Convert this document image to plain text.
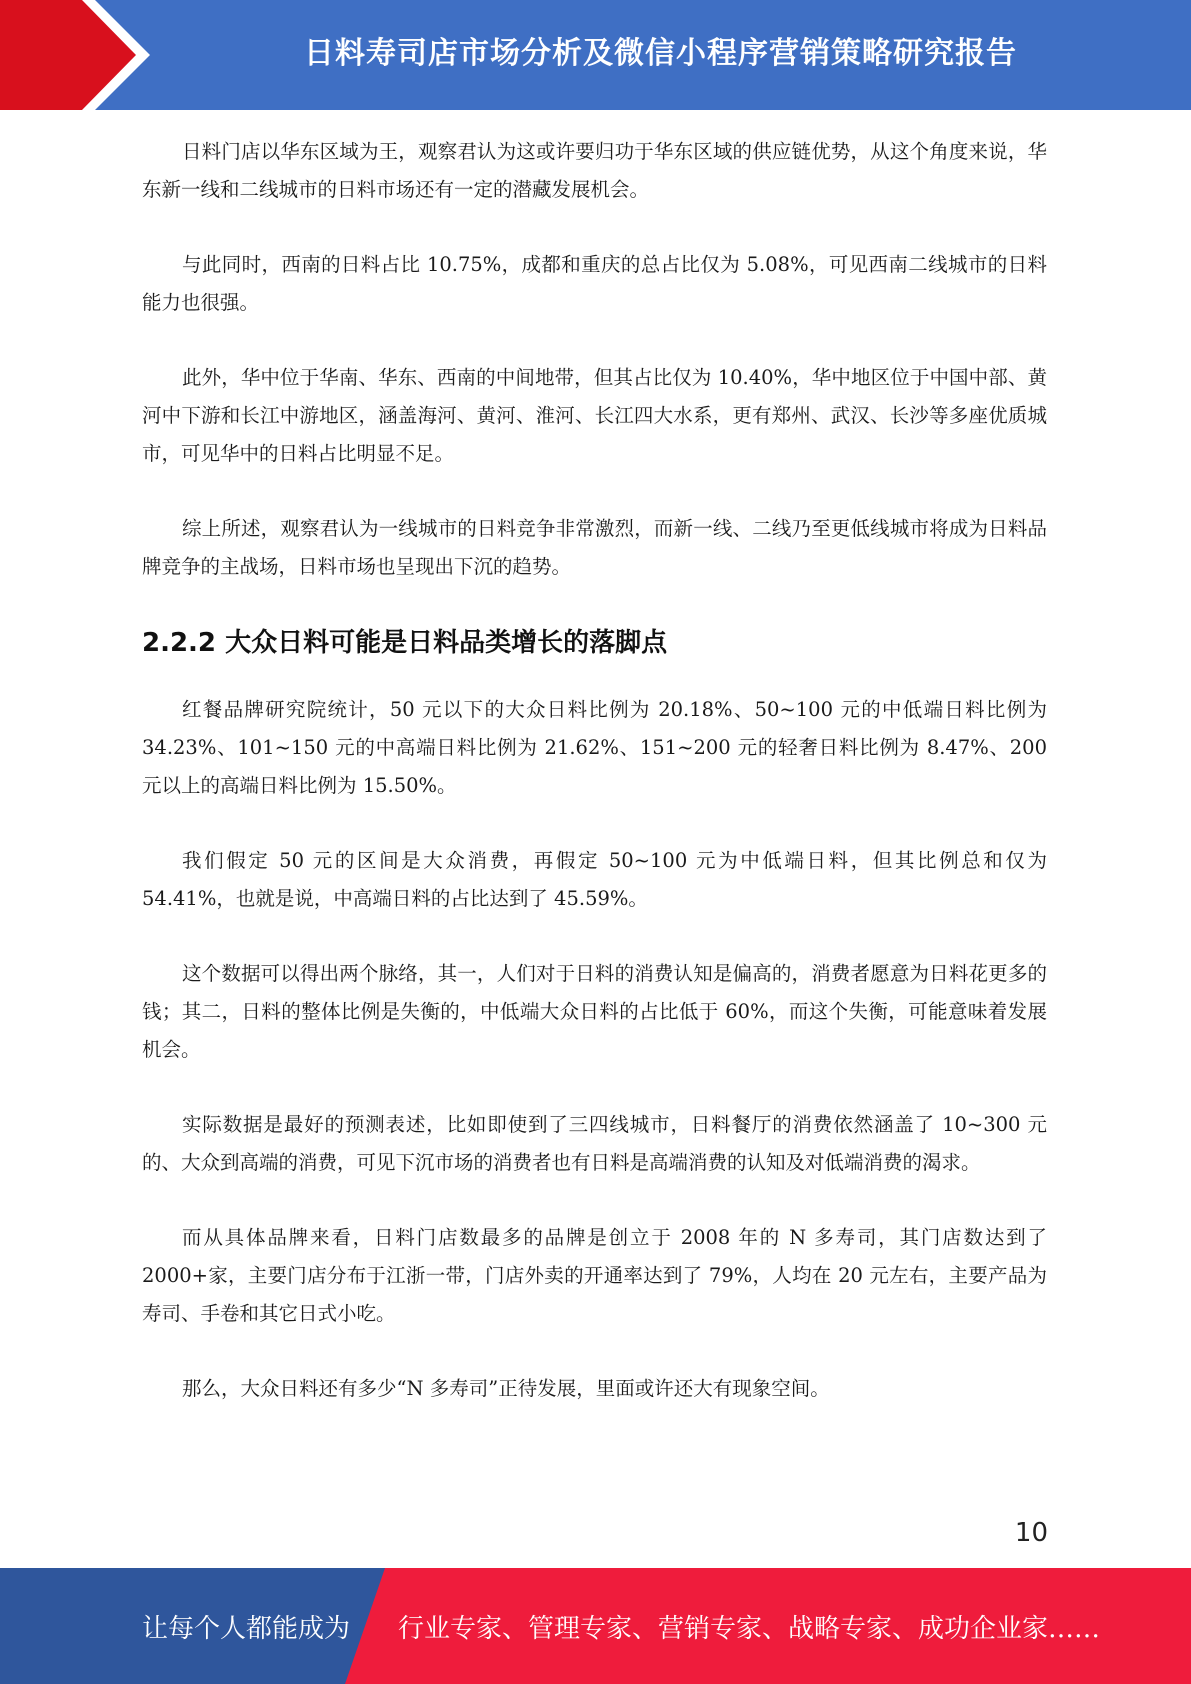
日料寿司店市场分析及微信小程序营销策略研究报告

日料门店以华东区域为王，观察君认为这或许要归功于华东区域的供应链优势，从这个角度来说，华东新一线和二线城市的日料市场还有一定的潜藏发展机会。

与此同时，西南的日料占比 10.75%，成都和重庆的总占比仅为 5.08%，可见西南二线城市的日料能力也很强。

此外，华中位于华南、华东、西南的中间地带，但其占比仅为 10.40%，华中地区位于中国中部、黄河中下游和长江中游地区，涵盖海河、黄河、淮河、长江四大水系，更有郑州、武汉、长沙等多座优质城市，可见华中的日料占比明显不足。

综上所述，观察君认为一线城市的日料竞争非常激烈，而新一线、二线乃至更低线城市将成为日料品牌竞争的主战场，日料市场也呈现出下沉的趋势。

2.2.2 大众日料可能是日料品类增长的落脚点

红餐品牌研究院统计，50 元以下的大众日料比例为 20.18%、50~100 元的中低端日料比例为 34.23%、101~150 元的中高端日料比例为 21.62%、151~200 元的轻奢日料比例为 8.47%、200 元以上的高端日料比例为 15.50%。

我们假定 50 元的区间是大众消费，再假定 50~100 元为中低端日料，但其比例总和仅为 54.41%，也就是说，中高端日料的占比达到了 45.59%。

这个数据可以得出两个脉络，其一，人们对于日料的消费认知是偏高的，消费者愿意为日料花更多的钱；其二，日料的整体比例是失衡的，中低端大众日料的占比低于 60%，而这个失衡，可能意味着发展机会。

实际数据是最好的预测表述，比如即使到了三四线城市，日料餐厅的消费依然涵盖了 10~300 元的、大众到高端的消费，可见下沉市场的消费者也有日料是高端消费的认知及对低端消费的渴求。

而从具体品牌来看，日料门店数最多的品牌是创立于 2008 年的 N 多寿司，其门店数达到了 2000+家，主要门店分布于江浙一带，门店外卖的开通率达到了 79%，人均在 20 元左右，主要产品为寿司、手卷和其它日式小吃。

那么，大众日料还有多少“N 多寿司”正待发展，里面或许还大有现象空间。

10
让每个人都能成为 行业专家、管理专家、营销专家、战略专家、成功企业家……
